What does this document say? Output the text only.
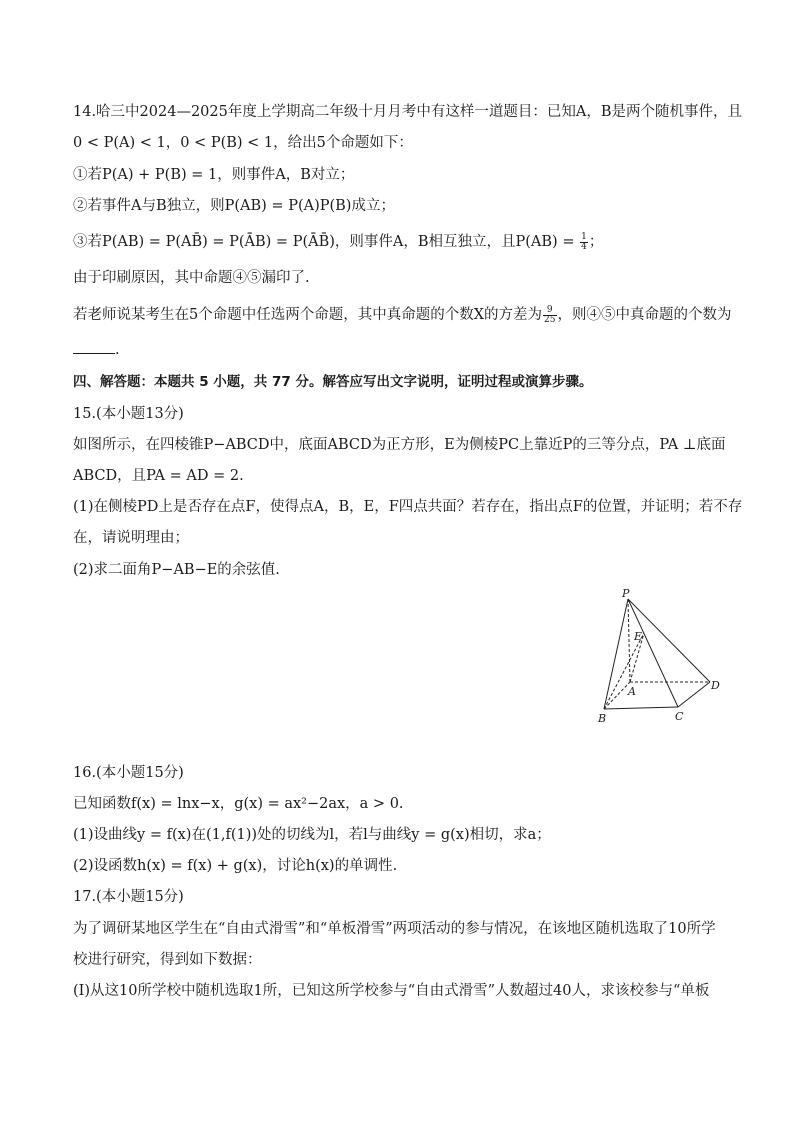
14.哈三中2024—2025年度上学期高二年级十月月考中有这样一道题目：已知A，B是两个随机事件，且
0 < P(A) < 1，0 < P(B) < 1，给出5个命题如下：
①若P(A) + P(B) = 1，则事件A，B对立；
②若事件A与B独立，则P(AB) = P(A)P(B)成立；
③若P(AB) = P(AB̄) = P(ĀB) = P(ĀB̄)，则事件A，B相互独立，且$P(AB) = \frac{1}{4}$ ；
由于印刷原因，其中命题④⑤漏印了.
若老师说某考生在5个命题中任选两个命题，其中真命题的个数X的方差为 $\frac{9}{25}$ ，则④⑤中真命题的个数为
.
四、解答题：本题共 5 小题，共 77 分。解答应写出文字说明，证明过程或演算步骤。
15.(本小题13分)
如图所示，在四棱锥P−ABCD中，底面ABCD为正方形，E为侧棱PC上靠近P的三等分点，PA ⊥底面
ABCD，且PA = AD = 2.
(1)在侧棱PD上是否存在点F，使得点A，B，E，F四点共面？若存在，指出点F的位置，并证明；若不存
在，请说明理由；
(2)求二面角P−AB−E的余弦值.
P
E
A	D
B	C
16.(本小题15分)
已知函数f(x) = lnx−x，g(x) = ax²−2ax，a > 0.
(1)设曲线y = f(x)在(1,f(1))处的切线为l，若l与曲线y = g(x)相切，求a；
(2)设函数h(x) = f(x) + g(x)，讨论h(x)的单调性.
17.(本小题15分)
为了调研某地区学生在“自由式滑雪”和“单板滑雪”两项活动的参与情况，在该地区随机选取了10所学
校进行研究，得到如下数据：
(Ⅰ)从这10所学校中随机选取1所，已知这所学校参与“自由式滑雪”人数超过40人，求该校参与“单板
